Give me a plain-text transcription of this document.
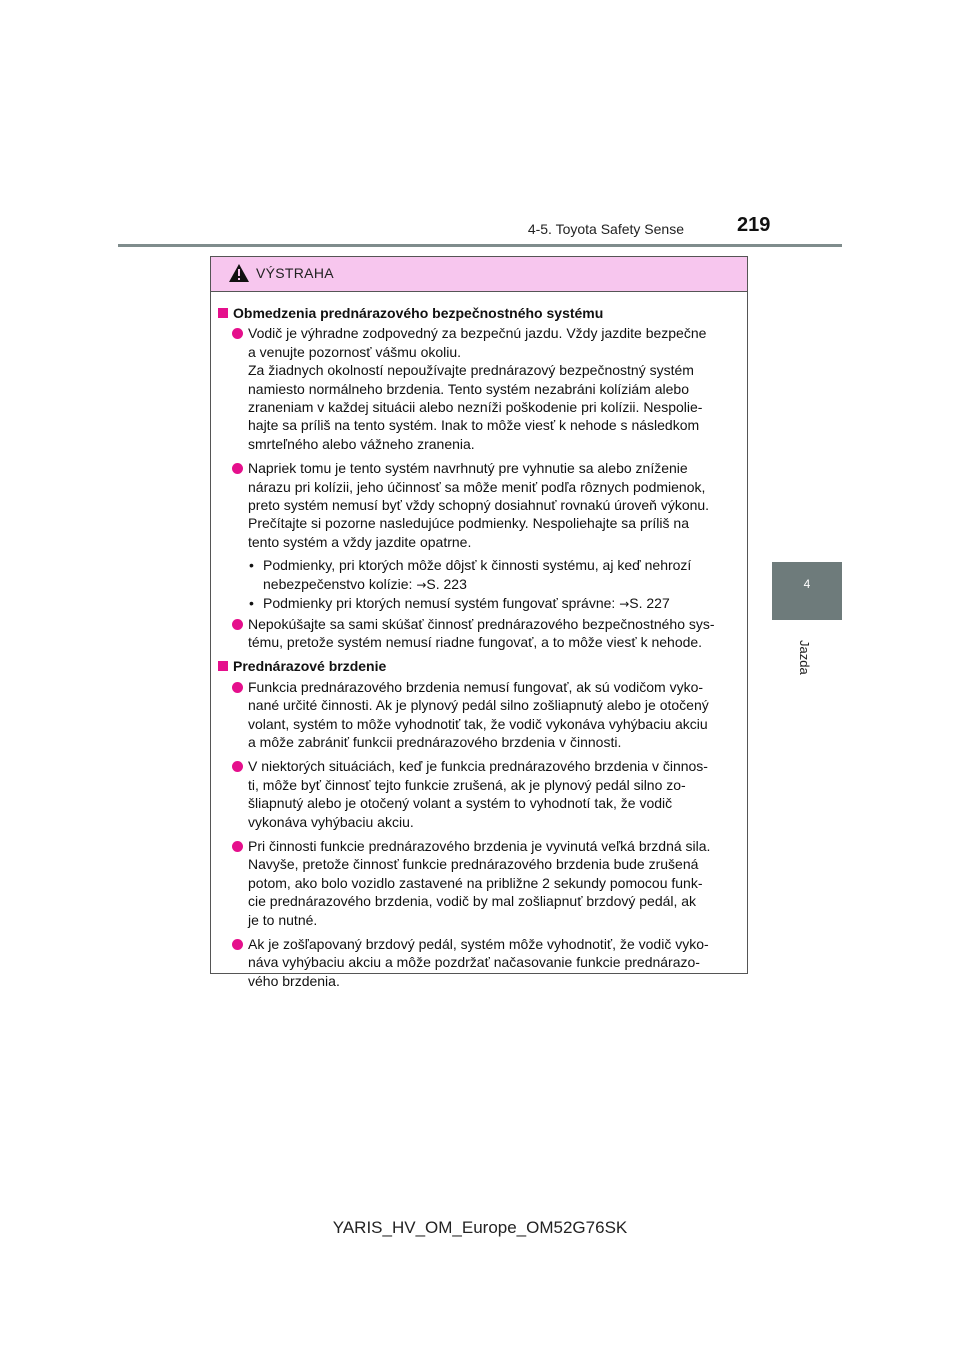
4-5. Toyota Safety Sense	219
4
Jazda
VÝSTRAHA
Obmedzenia prednárazového bezpečnostného systému
Vodič je výhradne zodpovedný za bezpečnú jazdu. Vždy jazdite bezpečne
a venujte pozornosť vášmu okoliu.
Za žiadnych okolností nepoužívajte prednárazový bezpečnostný systém
namiesto normálneho brzdenia. Tento systém nezabráni kolíziám alebo
zraneniam v každej situácii alebo nezníži poškodenie pri kolízii. Nespolie-
hajte sa príliš na tento systém. Inak to môže viesť k nehode s následkom
smrteľného alebo vážneho zranenia.
Napriek tomu je tento systém navrhnutý pre vyhnutie sa alebo zníženie
nárazu pri kolízii, jeho účinnosť sa môže meniť podľa rôznych podmienok,
preto systém nemusí byť vždy schopný dosiahnuť rovnakú úroveň výkonu.
Prečítajte si pozorne nasledujúce podmienky. Nespoliehajte sa príliš na
tento systém a vždy jazdite opatrne.
• Podmienky, pri ktorých môže dôjsť k činnosti systému, aj keď nehrozí
nebezpečenstvo kolízie: →S. 223
• Podmienky pri ktorých nemusí systém fungovať správne: →S. 227
Nepokúšajte sa sami skúšať činnosť prednárazového bezpečnostného sys-
tému, pretože systém nemusí riadne fungovať, a to môže viesť k nehode.
Prednárazové brzdenie
Funkcia prednárazového brzdenia nemusí fungovať, ak sú vodičom vyko-
nané určité činnosti. Ak je plynový pedál silno zošliapnutý alebo je otočený
volant, systém to môže vyhodnotiť tak, že vodič vykonáva vyhýbaciu akciu
a môže zabrániť funkcii prednárazového brzdenia v činnosti.
V niektorých situáciách, keď je funkcia prednárazového brzdenia v činnos-
ti, môže byť činnosť tejto funkcie zrušená, ak je plynový pedál silno zo-
šliapnutý alebo je otočený volant a systém to vyhodnotí tak, že vodič
vykonáva vyhýbaciu akciu.
Pri činnosti funkcie prednárazového brzdenia je vyvinutá veľká brzdná sila.
Navyše, pretože činnosť funkcie prednárazového brzdenia bude zrušená
potom, ako bolo vozidlo zastavené na približne 2 sekundy pomocou funk-
cie prednárazového brzdenia, vodič by mal zošliapnuť brzdový pedál, ak
je to nutné.
Ak je zošľapovaný brzdový pedál, systém môže vyhodnotiť, že vodič vyko-
náva vyhýbaciu akciu a môže pozdržať načasovanie funkcie prednárazo-
vého brzdenia.
YARIS_HV_OM_Europe_OM52G76SK
